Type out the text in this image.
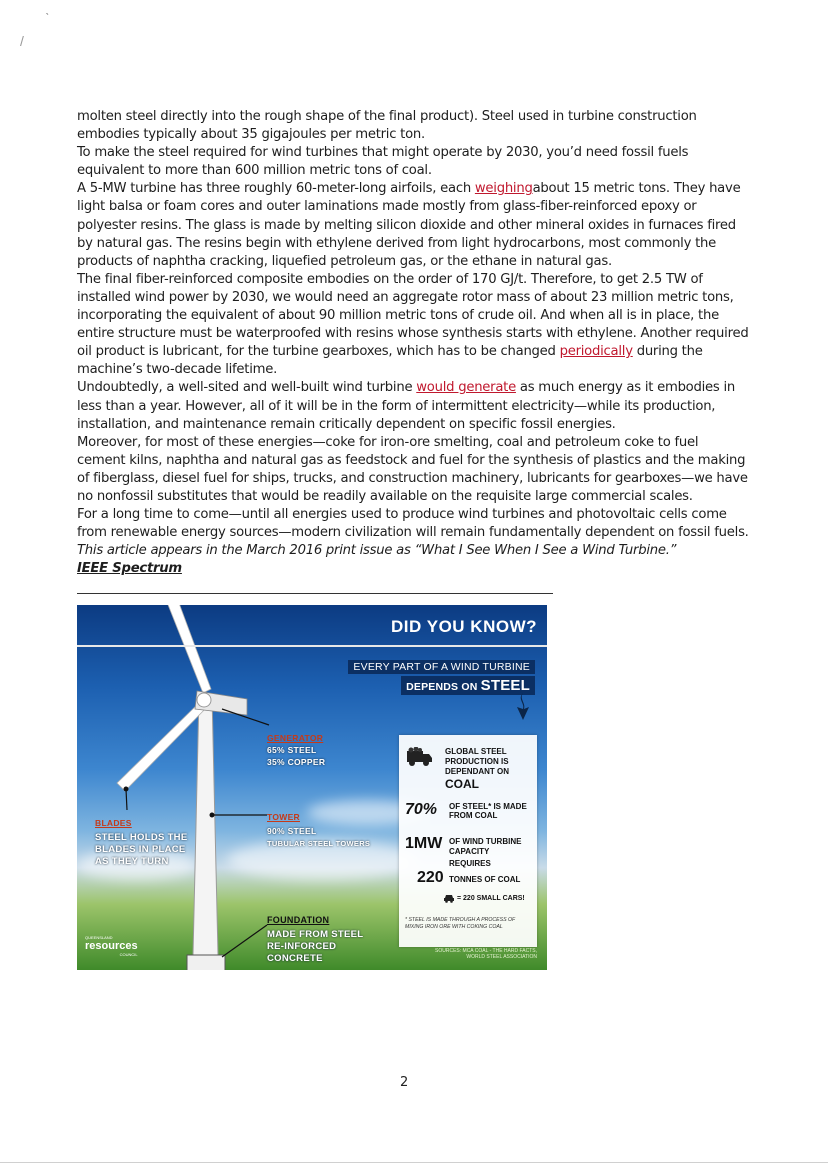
ˋ
/

molten steel directly into the rough shape of the final product). Steel used in turbine construction embodies typically about 35 gigajoules per metric ton.

To make the steel required for wind turbines that might operate by 2030, you’d need fossil fuels equivalent to more than 600 million metric tons of coal.

A 5-MW turbine has three roughly 60-meter-long airfoils, each weighingabout 15 metric tons. They have light balsa or foam cores and outer laminations made mostly from glass-fiber-reinforced epoxy or polyester resins. The glass is made by melting silicon dioxide and other mineral oxides in furnaces fired by natural gas. The resins begin with ethylene derived from light hydrocarbons, most commonly the products of naphtha cracking, liquefied petroleum gas, or the ethane in natural gas.

The final fiber-reinforced composite embodies on the order of 170 GJ/t. Therefore, to get 2.5 TW of installed wind power by 2030, we would need an aggregate rotor mass of about 23 million metric tons, incorporating the equivalent of about 90 million metric tons of crude oil. And when all is in place, the entire structure must be waterproofed with resins whose synthesis starts with ethylene. Another required oil product is lubricant, for the turbine gearboxes, which has to be changed periodically during the machine’s two-decade lifetime.

Undoubtedly, a well-sited and well-built wind turbine would generate as much energy as it embodies in less than a year. However, all of it will be in the form of intermittent electricity—while its production, installation, and maintenance remain critically dependent on specific fossil energies.

Moreover, for most of these energies—coke for iron-ore smelting, coal and petroleum coke to fuel cement kilns, naphtha and natural gas as feedstock and fuel for the synthesis of plastics and the making of fiberglass, diesel fuel for ships, trucks, and construction machinery, lubricants for gearboxes—we have no nonfossil substitutes that would be readily available on the requisite large commercial scales.

For a long time to come—until all energies used to produce wind turbines and photovoltaic cells come from renewable energy sources—modern civilization will remain fundamentally dependent on fossil fuels.

This article appears in the March 2016 print issue as “What I See When I See a Wind Turbine.”

IEEE Spectrum

DID YOU KNOW?
EVERY PART OF A WIND TURBINE
DEPENDS ON STEEL
GENERATOR
65% STEEL
35% COPPER
TOWER
90% STEEL
TUBULAR STEEL TOWERS
BLADES
STEEL HOLDS THE
BLADES IN PLACE
AS THEY TURN
FOUNDATION
MADE FROM STEEL
RE-INFORCED
CONCRETE
GLOBAL STEEL
PRODUCTION IS
DEPENDANT ON
COAL
70% OF STEEL* IS MADE
FROM COAL
1MW OF WIND TURBINE
CAPACITY
REQUIRES
220 TONNES OF COAL
= 220 SMALL CARS!
* STEEL IS MADE THROUGH A PROCESS OF
MIXING IRON ORE WITH COKING COAL
SOURCES: MCA COAL - THE HARD FACTS,
WORLD STEEL ASSOCIATION
QUEENSLAND
resources
COUNCIL
2
